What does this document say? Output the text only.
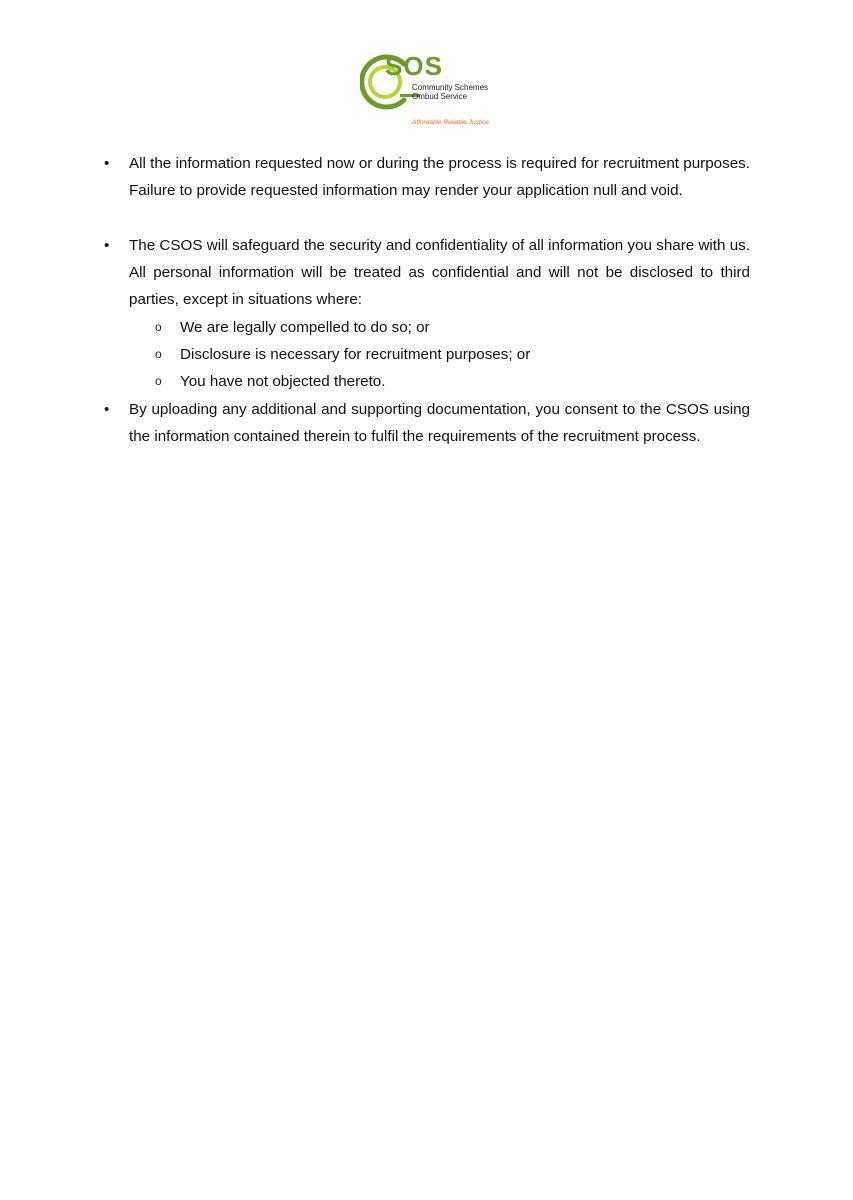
SOS
Community Schemes
Ombud Service
Affordable Reliable Justice
•	All the information requested now or during the process is required for recruitment purposes. Failure to provide requested information may render your application null and void.
•	The CSOS will safeguard the security and confidentiality of all information you share with us. All personal information will be treated as confidential and will not be disclosed to third parties, except in situations where:
o We are legally compelled to do so; or
o Disclosure is necessary for recruitment purposes; or
o You have not objected thereto.
•	By uploading any additional and supporting documentation, you consent to the CSOS using the information contained therein to fulfil the requirements of the recruitment process.
